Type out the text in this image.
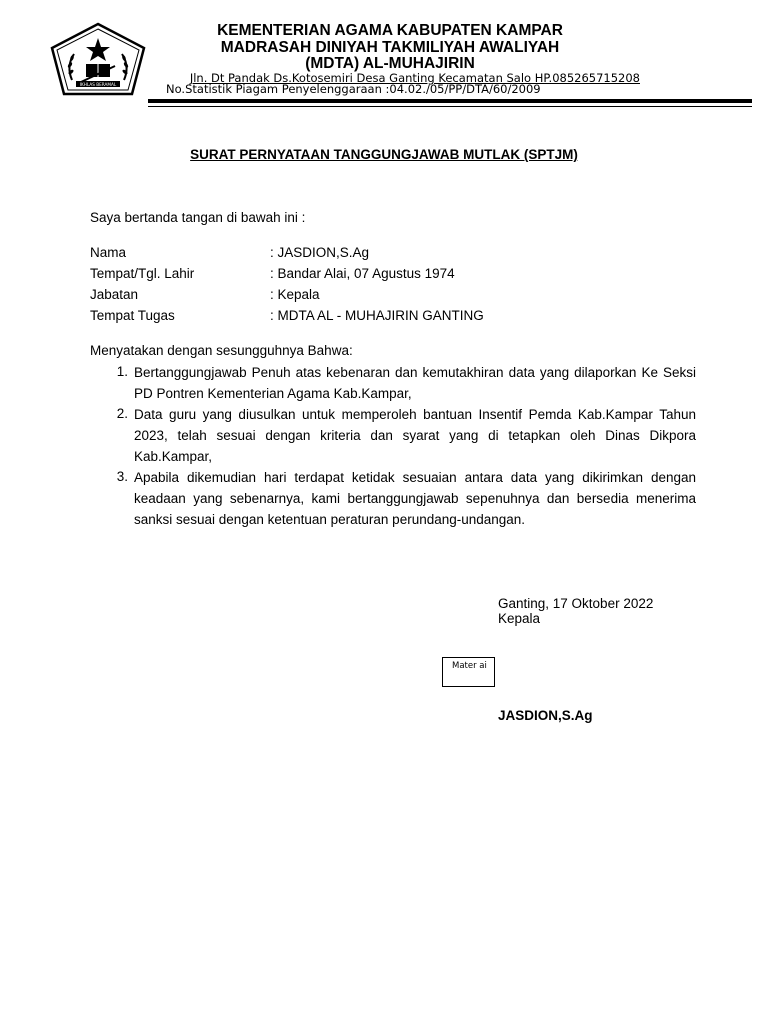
IKHLAS BERAMAL
KEMENTERIAN AGAMA KABUPATEN KAMPAR
MADRASAH DINIYAH TAKMILIYAH AWALIYAH
(MDTA) AL-MUHAJIRIN
Jln. Dt Pandak Ds.Kotosemiri Desa Ganting Kecamatan Salo HP.085265715208
No.Statistik Piagam Penyelenggaraan :04.02./05/PP/DTA/60/2009
SURAT PERNYATAAN TANGGUNGJAWAB MUTLAK (SPTJM)
Saya bertanda tangan di bawah ini :
Nama	: JASDION,S.Ag
Tempat/Tgl. Lahir	: Bandar Alai, 07 Agustus 1974
Jabatan	: Kepala
Tempat Tugas	: MDTA AL - MUHAJIRIN GANTING
Menyatakan dengan sesungguhnya Bahwa:
1. Bertanggungjawab Penuh atas kebenaran dan kemutakhiran data yang dilaporkan Ke Seksi PD Pontren Kementerian Agama Kab.Kampar,
2. Data guru yang diusulkan untuk memperoleh bantuan Insentif Pemda Kab.Kampar Tahun 2023, telah sesuai dengan kriteria dan syarat yang di tetapkan oleh Dinas Dikpora Kab.Kampar,
3. Apabila dikemudian hari terdapat ketidak sesuaian antara data yang dikirimkan dengan keadaan yang sebenarnya, kami bertanggungjawab sepenuhnya dan bersedia menerima sanksi sesuai dengan ketentuan peraturan perundang-undangan.
Ganting, 17 Oktober 2022
Kepala
Mater ai
JASDION,S.Ag
